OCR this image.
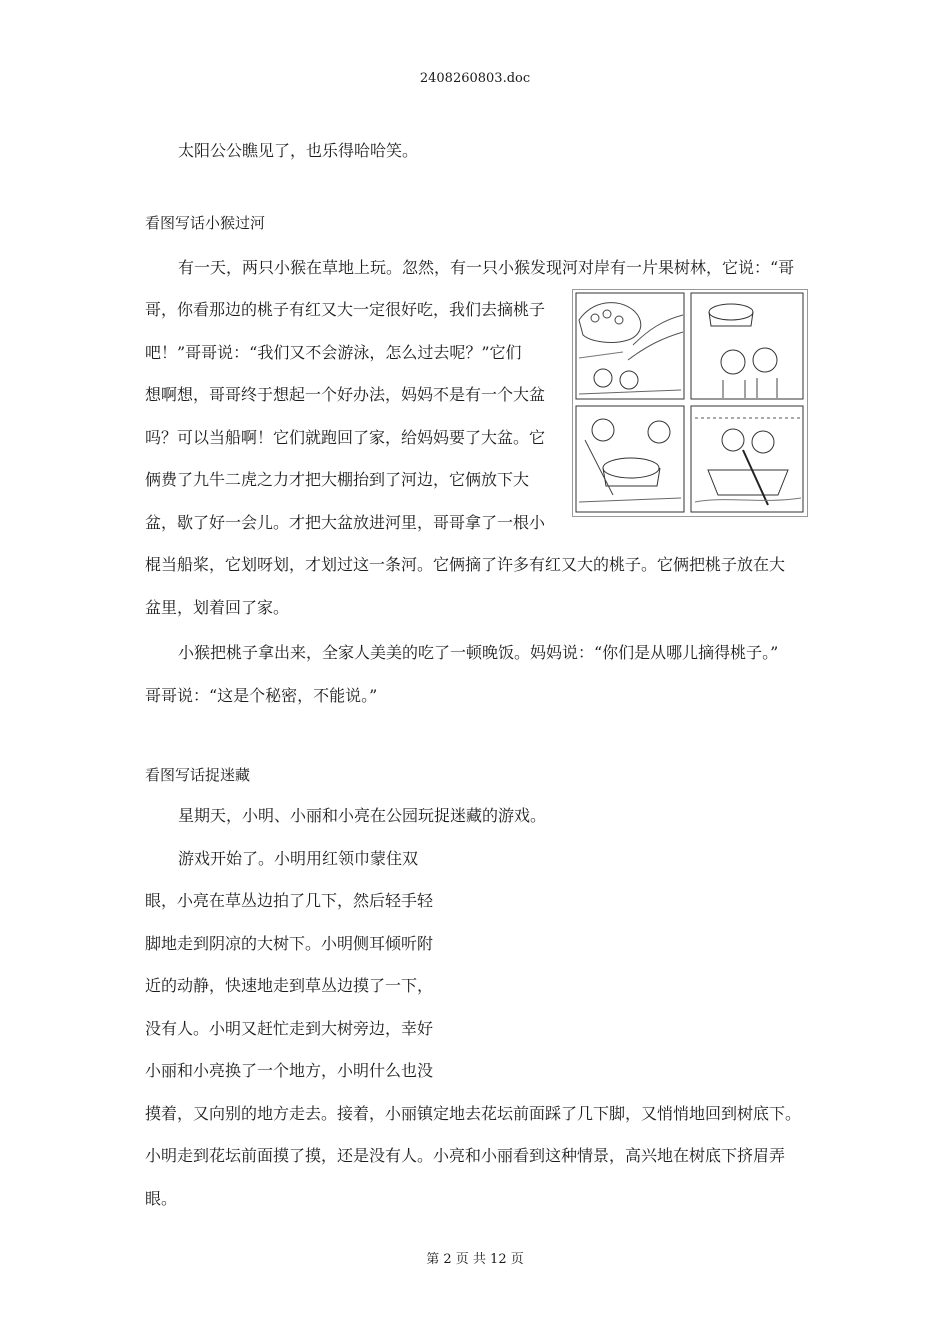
2408260803.doc
太阳公公瞧见了，也乐得哈哈笑。
看图写话小猴过河
有一天，两只小猴在草地上玩。忽然，有一只小猴发现河对岸有一片果树林，它说：“哥
哥，你看那边的桃子有红又大一定很好吃，我们去摘桃子
吧！”哥哥说：“我们又不会游泳，怎么过去呢？”它们
想啊想，哥哥终于想起一个好办法，妈妈不是有一个大盆
吗？可以当船啊！它们就跑回了家，给妈妈要了大盆。它
俩费了九牛二虎之力才把大棚抬到了河边，它俩放下大
盆，歇了好一会儿。才把大盆放进河里，哥哥拿了一根小
棍当船桨，它划呀划，才划过这一条河。它俩摘了许多有红又大的桃子。它俩把桃子放在大
盆里，划着回了家。
小猴把桃子拿出来，全家人美美的吃了一顿晚饭。妈妈说：“你们是从哪儿摘得桃子。”
哥哥说：“这是个秘密，不能说。”
看图写话捉迷藏
星期天，小明、小丽和小亮在公园玩捉迷藏的游戏。
游戏开始了。小明用红领巾蒙住双
眼，小亮在草丛边拍了几下，然后轻手轻
脚地走到阴凉的大树下。小明侧耳倾听附
近的动静，快速地走到草丛边摸了一下，
没有人。小明又赶忙走到大树旁边，幸好
小丽和小亮换了一个地方，小明什么也没
摸着，又向别的地方走去。接着，小丽镇定地去花坛前面踩了几下脚，又悄悄地回到树底下。
小明走到花坛前面摸了摸，还是没有人。小亮和小丽看到这种情景，高兴地在树底下挤眉弄
眼。
第 2 页 共 12 页
